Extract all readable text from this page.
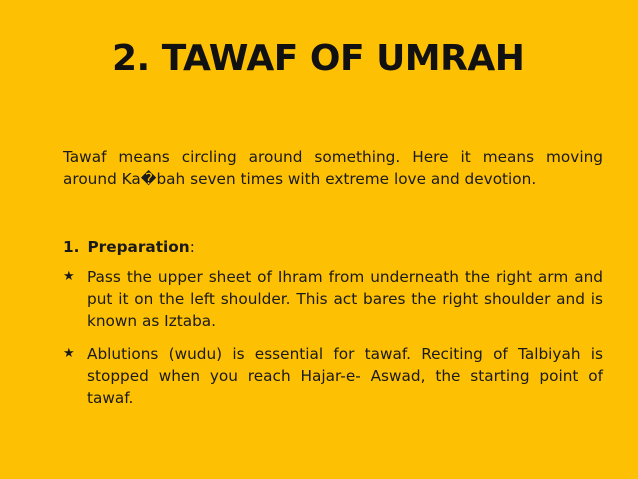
2. TAWAF OF UMRAH
Tawaf means circling around something. Here it means moving around Ka�bah seven times with extreme love and devotion.
1. Preparation:
★ Pass the upper sheet of Ihram from underneath the right arm and put it on the left shoulder. This act bares the right shoulder and is known as Iztaba.
★ Ablutions (wudu) is essential for tawaf. Reciting of Talbiyah is stopped when you reach Hajar-e- Aswad, the starting point of tawaf.
